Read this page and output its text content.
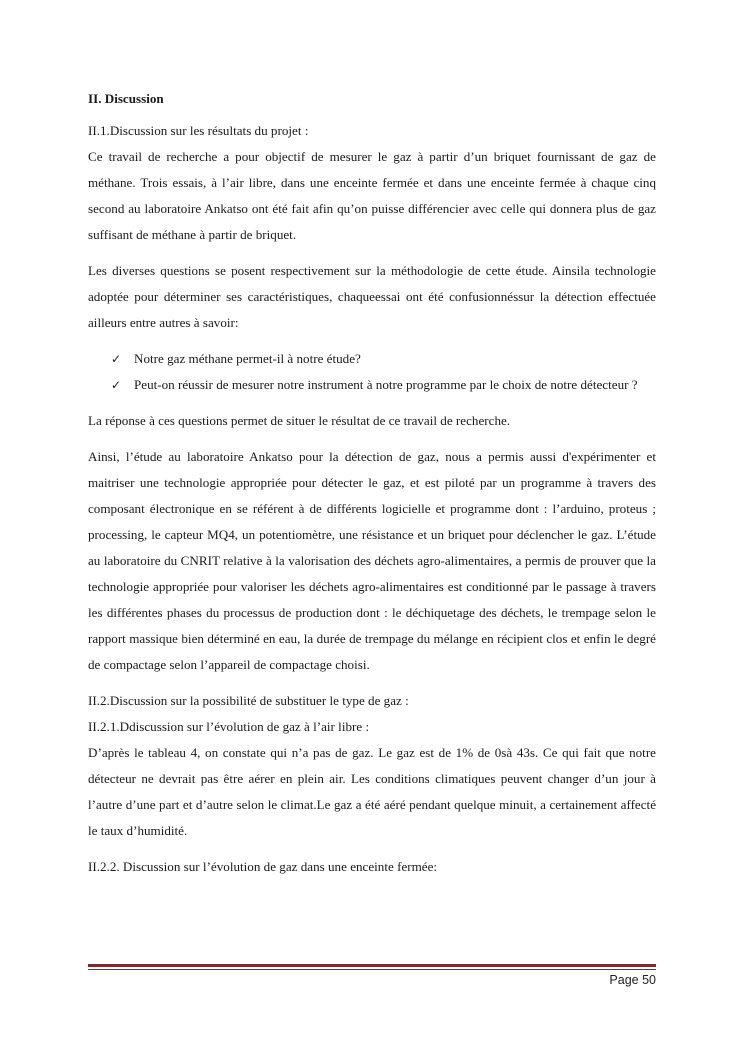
II. Discussion

II.1.Discussion sur les résultats du projet :

Ce travail de recherche a pour objectif de mesurer le gaz à partir d’un briquet fournissant de gaz de méthane. Trois essais, à l’air libre, dans une enceinte fermée et dans une enceinte fermée à chaque cinq second au laboratoire Ankatso ont été fait afin qu’on puisse différencier avec celle qui donnera plus de gaz suffisant de méthane à partir de briquet.

Les diverses questions se posent respectivement sur la méthodologie de cette étude. Ainsila technologie adoptée pour déterminer ses caractéristiques, chaqueessai ont été confusionnéssur la détection effectuée ailleurs entre autres à savoir:

✓ Notre gaz méthane permet-il à notre étude?
✓ Peut-on réussir de mesurer notre instrument à notre programme par le choix de notre détecteur ?

La réponse à ces questions permet de situer le résultat de ce travail de recherche.

Ainsi, l’étude au laboratoire Ankatso pour la détection de gaz, nous a permis aussi d'expérimenter et maitriser une technologie appropriée pour détecter le gaz, et est piloté par un programme à travers des composant électronique en se référent à de différents logicielle et programme dont : l’arduino, proteus ; processing, le capteur MQ4, un potentiomètre, une résistance et un briquet pour déclencher le gaz. L’étude au laboratoire du CNRIT relative à la valorisation des déchets agro-alimentaires, a permis de prouver que la technologie appropriée pour valoriser les déchets agro-alimentaires est conditionné par le passage à travers les différentes phases du processus de production dont : le déchiquetage des déchets, le trempage selon le rapport massique bien déterminé en eau, la durée de trempage du mélange en récipient clos et enfin le degré de compactage selon l’appareil de compactage choisi.

II.2.Discussion sur la possibilité de substituer le type de gaz :

II.2.1.Ddiscussion sur l’évolution de gaz à l’air libre :

D’après le tableau 4, on constate qui n’a pas de gaz. Le gaz est de 1% de 0sà 43s. Ce qui fait que notre détecteur ne devrait pas être aérer en plein air. Les conditions climatiques peuvent changer d’un jour à l’autre d’une part et d’autre selon le climat.Le gaz a été aéré pendant quelque minuit, a certainement affecté le taux d’humidité.

II.2.2. Discussion sur l’évolution de gaz dans une enceinte fermée:

Page 50
